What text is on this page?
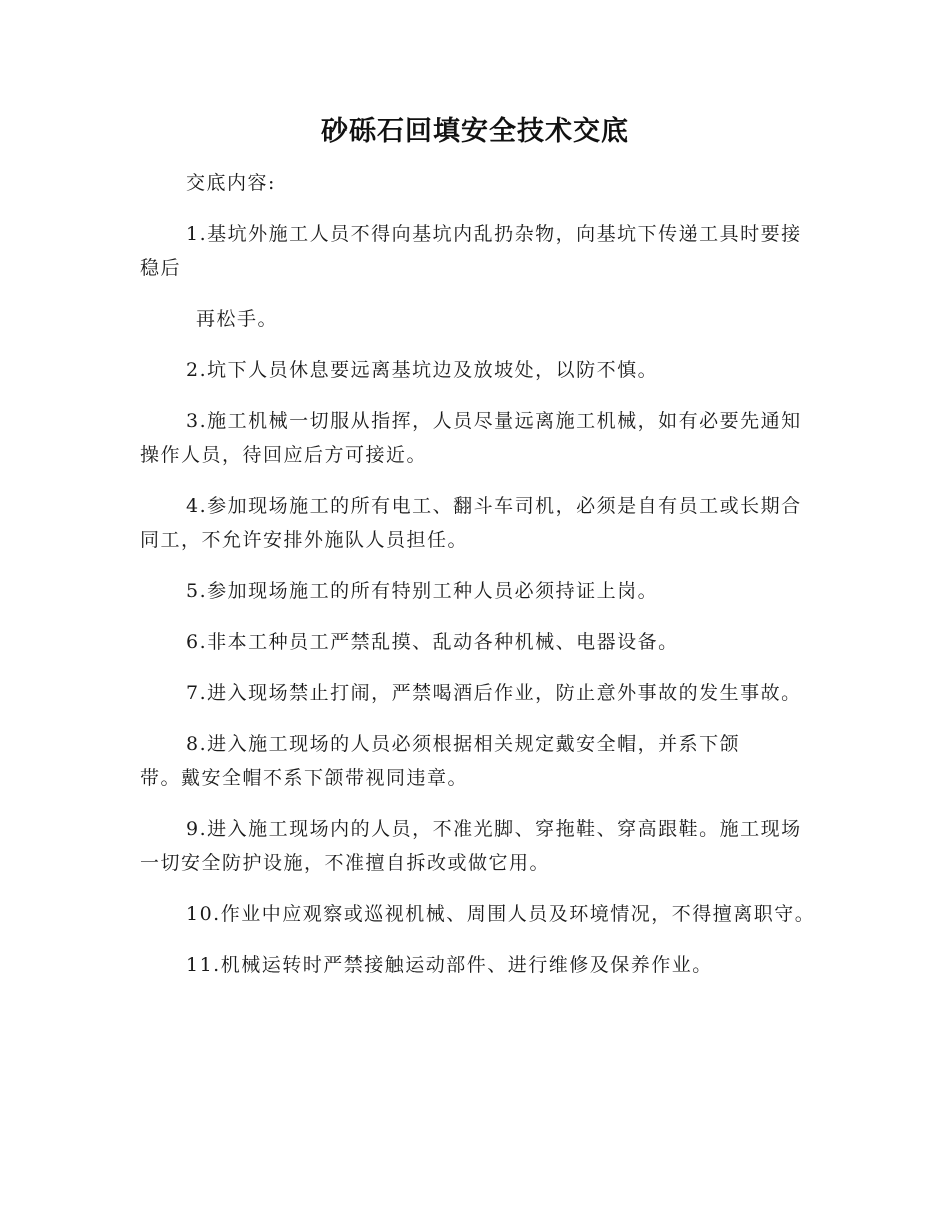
砂砾石回填安全技术交底

交底内容:

1.基坑外施工人员不得向基坑内乱扔杂物，向基坑下传递工具时要接稳后

再松手。

2.坑下人员休息要远离基坑边及放坡处，以防不慎。

3.施工机械一切服从指挥，人员尽量远离施工机械，如有必要先通知操作人员，待回应后方可接近。

4.参加现场施工的所有电工、翻斗车司机，必须是自有员工或长期合同工，不允许安排外施队人员担任。

5.参加现场施工的所有特别工种人员必须持证上岗。

6.非本工种员工严禁乱摸、乱动各种机械、电器设备。

7.进入现场禁止打闹，严禁喝酒后作业，防止意外事故的发生事故。

8.进入施工现场的人员必须根据相关规定戴安全帽，并系下颌带。戴安全帽不系下颌带视同违章。

9.进入施工现场内的人员，不准光脚、穿拖鞋、穿高跟鞋。施工现场一切安全防护设施，不准擅自拆改或做它用。

10.作业中应观察或巡视机械、周围人员及环境情况，不得擅离职守。

11.机械运转时严禁接触运动部件、进行维修及保养作业。
